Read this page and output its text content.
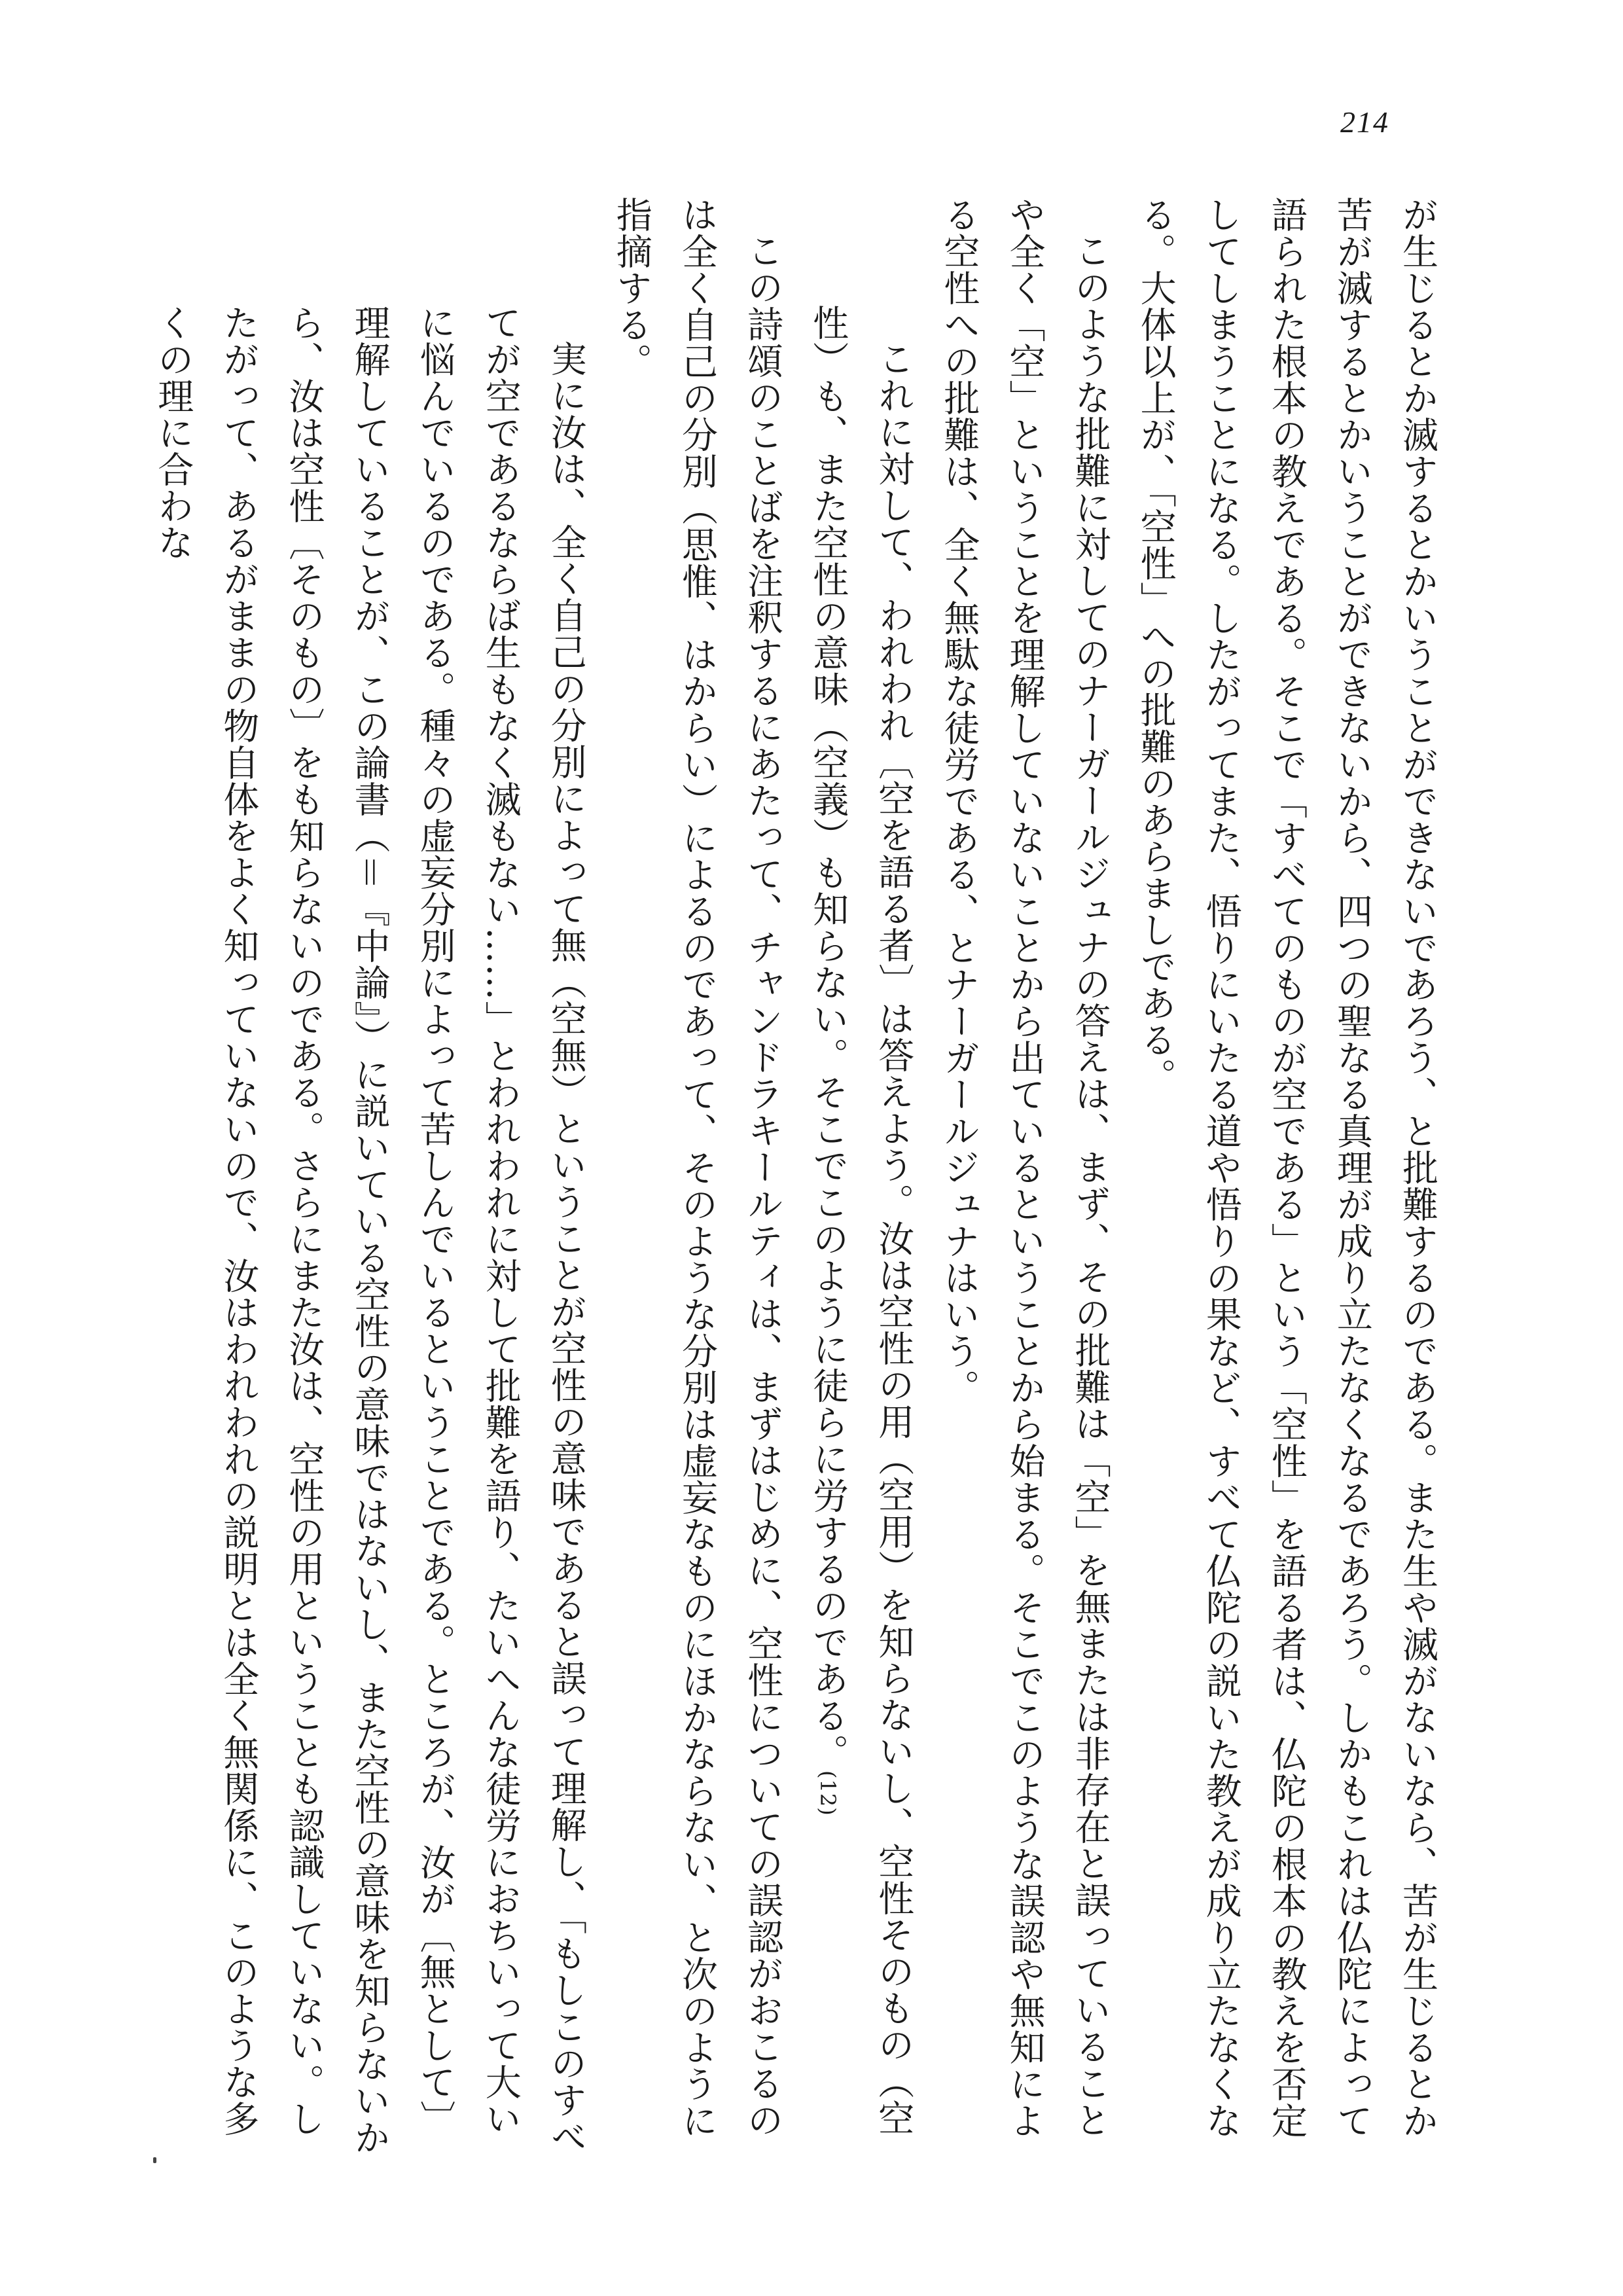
214

が生じるとか滅するとかいうことができないであろう、と批難するのである。また生や滅がないなら、苦が生じるとか苦が滅するとかいうことができないから、四つの聖なる真理が成り立たなくなるであろう。しかもこれは仏陀によって語られた根本の教えである。そこで「すべてのものが空である」という「空性」を語る者は、仏陀の根本の教えを否定してしまうことになる。したがってまた、悟りにいたる道や悟りの果など、すべて仏陀の説いた教えが成り立たなくなる。大体以上が、「空性」への批難のあらましである。

このような批難に対してのナーガールジュナの答えは、まず、その批難は「空」を無または非存在と誤っていることや全く「空」ということを理解していないことから出ているということから始まる。そこでこのような誤認や無知による空性への批難は、全く無駄な徒労である、とナーガールジュナはいう。

これに対して、われわれ〔空を語る者〕は答えよう。汝は空性の用（空用）を知らないし、空性そのもの（空性）も、また空性の意味（空義）も知らない。そこでこのように徒らに労するのである。(12)

この詩頌のことばを注釈するにあたって、チャンドラキールティは、まずはじめに、空性についての誤認がおこるのは全く自己の分別（思惟、はからい）によるのであって、そのような分別は虚妄なものにほかならない、と次のように指摘する。

実に汝は、全く自己の分別によって無（空無）ということが空性の意味であると誤って理解し、「もしこのすべてが空であるならば生もなく滅もない……」とわれわれに対して批難を語り、たいへんな徒労におちいって大いに悩んでいるのである。種々の虚妄分別によって苦しんでいるということである。ところが、汝が〔無として〕理解していることが、この論書（＝『中論』）に説いている空性の意味ではないし、また空性の意味を知らないから、汝は空性〔そのもの〕をも知らないのである。さらにまた汝は、空性の用ということも認識していない。したがって、あるがままの物自体をよく知っていないので、汝はわれわれの説明とは全く無関係に、このような多くの理に合わな
